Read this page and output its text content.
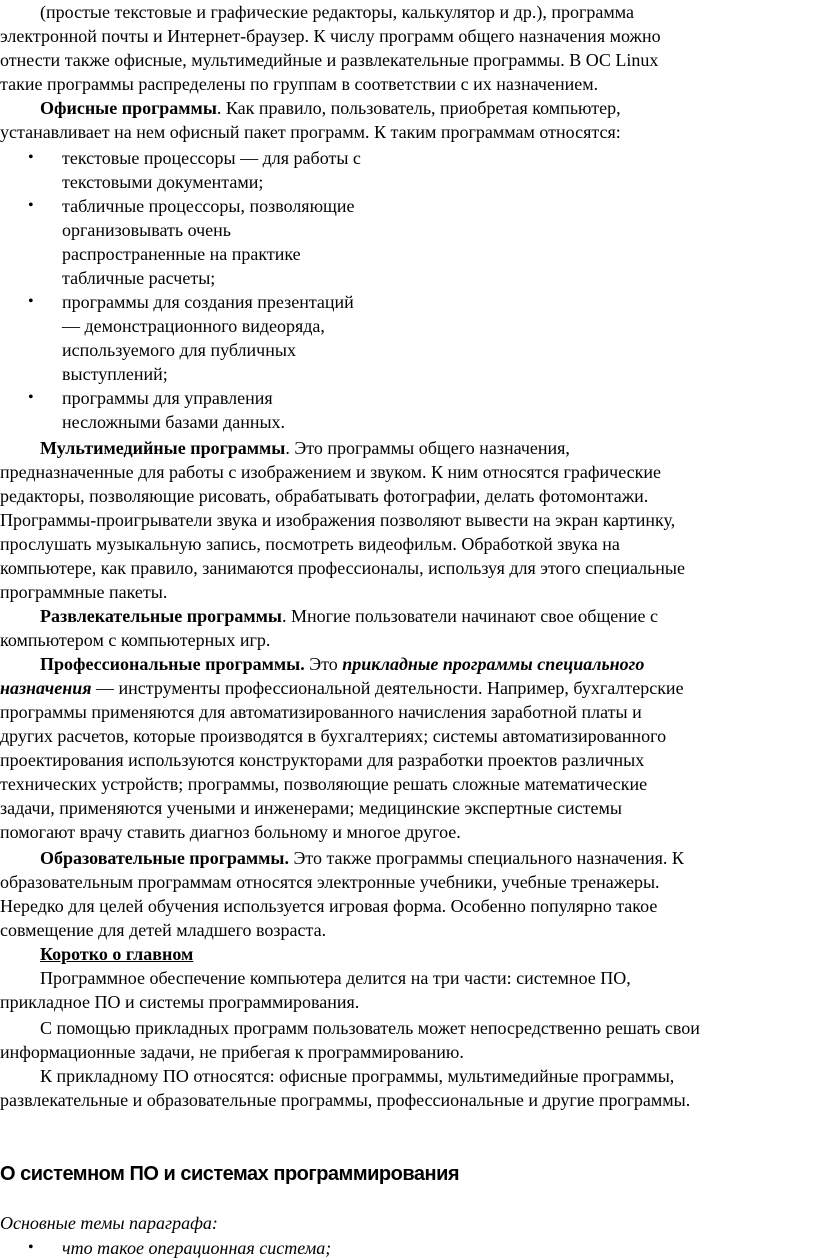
(простые текстовые и графические редакторы, калькулятор и др.), программа
электронной почты и Интернет-браузер. К числу программ общего назначения можно
отнести также офисные, мультимедийные и развлекательные программы. В ОС Linux
такие программы распределены по группам в соответствии с их назначением.
Офисные программы. Как правило, пользователь, приобретая компьютер,
устанавливает на нем офисный пакет программ. К таким программам относятся:
• текстовые процессоры — для работы с
текстовыми документами;
• табличные процессоры, позволяющие
организовывать очень
распространенные на практике
табличные расчеты;
• программы для создания презентаций
— демонстрационного видеоряда,
используемого для публичных
выступлений;
• программы для управления
несложными базами данных.
Мультимедийные программы. Это программы общего назначения,
предназначенные для работы с изображением и звуком. К ним относятся графические
редакторы, позволяющие рисовать, обрабатывать фотографии, делать фотомонтажи.
Программы-проигрыватели звука и изображения позволяют вывести на экран картинку,
прослушать музыкальную запись, посмотреть видеофильм. Обработкой звука на
компьютере, как правило, занимаются профессионалы, используя для этого специальные
программные пакеты.
Развлекательные программы. Многие пользователи начинают свое общение с
компьютером с компьютерных игр.
Профессиональные программы. Это прикладные программы специального
назначения — инструменты профессиональной деятельности. Например, бухгалтерские
программы применяются для автоматизированного начисления заработной платы и
других расчетов, которые производятся в бухгалтериях; системы автоматизированного
проектирования используются конструкторами для разработки проектов различных
технических устройств; программы, позволяющие решать сложные математические
задачи, применяются учеными и инженерами; медицинские экспертные системы
помогают врачу ставить диагноз больному и многое другое.
Образовательные программы. Это также программы специального назначения. К
образовательным программам относятся электронные учебники, учебные тренажеры.
Нередко для целей обучения используется игровая форма. Особенно популярно такое
совмещение для детей младшего возраста.
Коротко о главном
Программное обеспечение компьютера делится на три части: системное ПО,
прикладное ПО и системы программирования.
С помощью прикладных программ пользователь может непосредственно решать свои
информационные задачи, не прибегая к программированию.
К прикладному ПО относятся: офисные программы, мультимедийные программы,
развлекательные и образовательные программы, профессиональные и другие программы.
О системном ПО и системах программирования
Основные темы параграфа:
• что такое операционная система;
